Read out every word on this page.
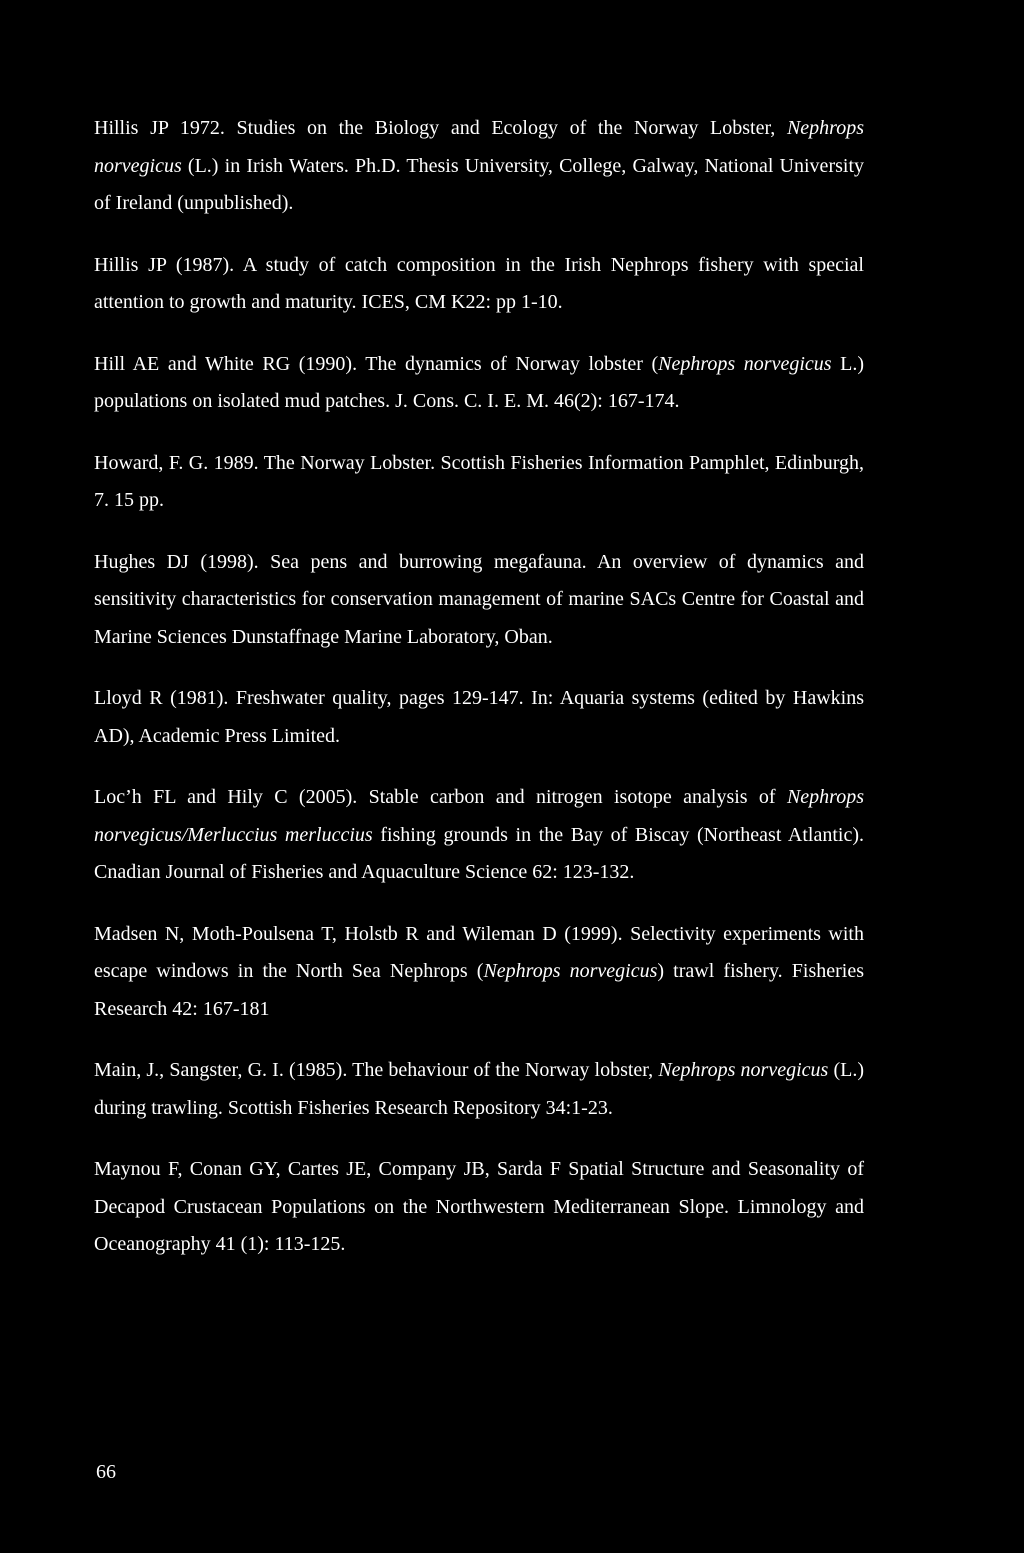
Hillis JP 1972. Studies on the Biology and Ecology of the Norway Lobster, Nephrops norvegicus (L.) in Irish Waters. Ph.D. Thesis University, College, Galway, National University of Ireland (unpublished).

Hillis JP (1987). A study of catch composition in the Irish Nephrops fishery with special attention to growth and maturity. ICES, CM K22: pp 1-10.

Hill AE and White RG (1990). The dynamics of Norway lobster (Nephrops norvegicus L.) populations on isolated mud patches. J. Cons. C. I. E. M. 46(2): 167-174.

Howard, F. G. 1989. The Norway Lobster. Scottish Fisheries Information Pamphlet, Edinburgh, 7. 15 pp.

Hughes DJ (1998). Sea pens and burrowing megafauna. An overview of dynamics and sensitivity characteristics for conservation management of marine SACs Centre for Coastal and Marine Sciences Dunstaffnage Marine Laboratory, Oban.

Lloyd R (1981). Freshwater quality, pages 129-147. In: Aquaria systems (edited by Hawkins AD), Academic Press Limited.

Loc’h FL and Hily C (2005). Stable carbon and nitrogen isotope analysis of Nephrops norvegicus/Merluccius merluccius fishing grounds in the Bay of Biscay (Northeast Atlantic). Cnadian Journal of Fisheries and Aquaculture Science 62: 123-132.

Madsen N, Moth-Poulsena T, Holstb R and Wileman D (1999). Selectivity experiments with escape windows in the North Sea Nephrops (Nephrops norvegicus) trawl fishery. Fisheries Research 42: 167-181

Main, J., Sangster, G. I. (1985). The behaviour of the Norway lobster, Nephrops norvegicus (L.) during trawling. Scottish Fisheries Research Repository 34:1-23.

Maynou F, Conan GY, Cartes JE, Company JB, Sarda F Spatial Structure and Seasonality of Decapod Crustacean Populations on the Northwestern Mediterranean Slope. Limnology and Oceanography 41 (1): 113-125.

66
